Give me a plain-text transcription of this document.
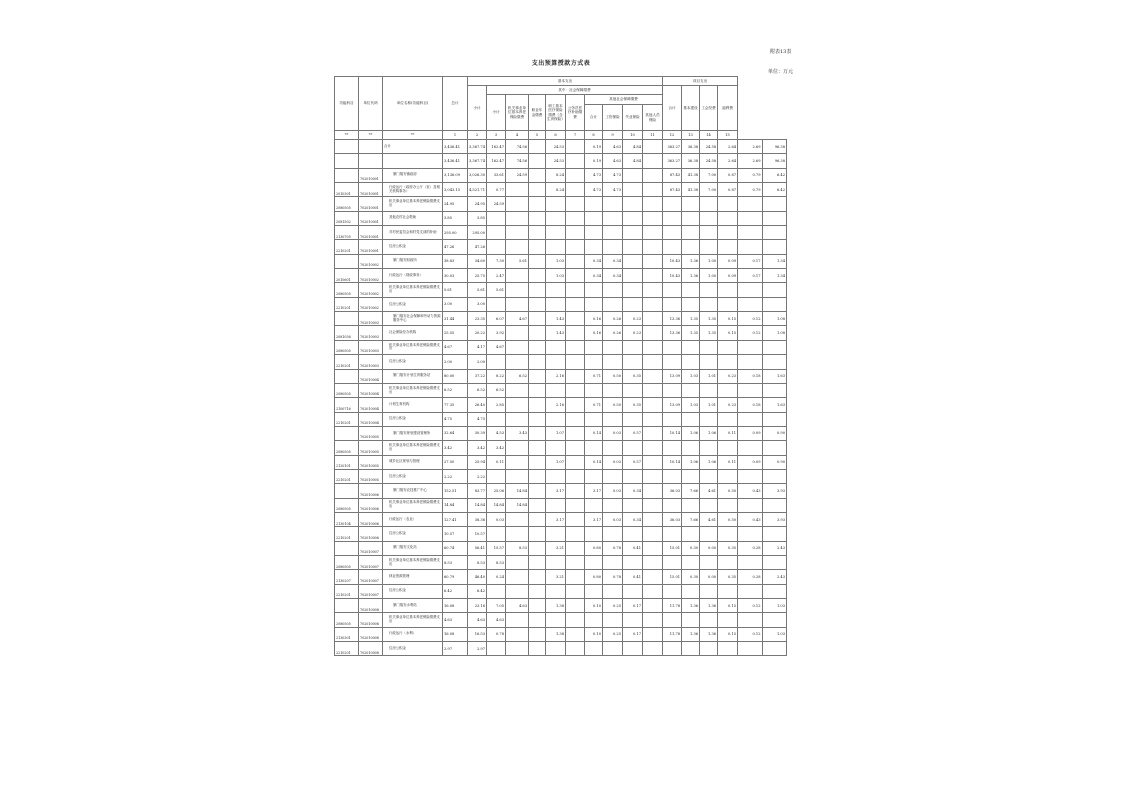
附表13表
支出预算授款方式表
单位：万元
功能科目	单位代码	单位名称(功能科目)	总计	基本支出										项目支出					
				小计	其中：社会保障缴费									合计	基本建设	工会经费	福利费		
					小计	机关事业单位基本养老保险缴费	职业年金缴费	职工基本医疗保险缴费（含生育保险）	公务员医疗补助缴费	其他社会保障缴费									
										合计	工伤保险	失业保险	其他人员保险						
**	**	**	1	2	3	4	5	6	7	8	9	10	11	12	13	14	15		
		合计	3,436.41	3,367.74	162.47	74.56		24.53		0.19	4.63	4.84		363.27	36.38	24.58	2.64	2.69	96.38
			3,436.41	3,367.74	162.47	74.56		24.53		0.19	4.63	4.84		363.27	36.38	24.58	2.64	2.69	96.38
	702010001	厦门翔安镇政府	3,136.09	3,026.30	33.61	24.59		8.24		4.73	4.73			87.43	41.38	7.00	0.87	0.79	6.42
2010301	702010001	行政运行（政府办公厅（室）及相关机构事务）	3,043.15	4,521.71	0.77			8.24		4.73	4.73			87.43	41.38	7.00	0.87	0.79	6.42
2080505	702010001	机关事业单位基本养老保险缴费支出	24.95	24.95	24.59														
2081502	702010001	其他农村社会救助	3.85	3.85															
2130705	702010001	对村民委员会和村党支部的补助	295.00	295.00															
2210201	702010001	住房公积金	47.26	47.26															
	702010002	厦门翔安财政所	38.83	34.60	7.30	5.61		1.03		0.34	0.34			10.43	1.36	1.00	0.09	0.17	1.34
2010601	702010002	行政运行（财政事务）	30.03	25.75	2.47			1.03		0.34	0.34			10.43	1.36	1.00	0.09	0.17	1.34
2080505	702010002	机关事业单位基本养老保险缴费支出	5.61	5.61	5.61														
2210201	702010002	住房公积金	3.00	3.00															
	702010003	厦门翔安社会保障和劳动力资源服务中心	31.44	23.35	6.07	4.67		1.43		0.16	0.26	0.23		13.36	1.35	1.35	0.15	0.12	1.08
2081036	702010003	社会保险经办机构	25.55	20.22	3.92			1.43		0.16	0.26	0.23		13.36	1.35	1.35	0.15	0.12	1.08
2080505	702010003	机关事业单位基本养老保险缴费支出	4.67	4.17	4.67														
2210201	702010003	住房公积金	2.00	2.00															
	702010004	厦门翔安计划生育服务站	80.00	37.22	8.22	6.52		2.16		0.71	0.50	0.35		13.09	1.03	1.01	0.23	0.18	1.63
2080505	702010004	机关事业单位基本养老保险缴费支出	6.52	6.52	6.52														
2100716	702010004	计划生育机构	77.35	26.40	2.85			2.16		0.71	0.50	0.35		13.09	1.03	1.01	0.23	0.18	1.63
2210201	702010004	住房公积金	4.75	4.75															
	702010005	厦门翔安规划建设管理所	32.64	30.39	4.53	3.43		1.07		0.14	0.03	0.57		10.14	1.06	1.06	0.11	0.09	0.90
2080505	702010005	机关事业单位基本养老保险缴费支出	3.42	3.42	3.42														
2120101	702010005	城乡社区规划与管理	27.50	25.94	0.11			1.07		0.14	0.03	0.57		10.14	1.06	1.06	0.11	0.09	0.90
2210201	702010005	住房公积金	2.22	2.22															
	702010006	厦门翔安农技推广中心	152.51	83.77	25.06	14.84		3.17		3.17	0.03	0.34		36.03	7.66	4.61	0.50	0.43	3.93
2080505	702010006	机关事业单位基本养老保险缴费支出	14.84	14.84	14.84	14.84													
2130104	702010006	行政运行（农业）	127.41	38.36	0.03			3.17		3.17	0.03	0.34		36.03	7.66	4.61	0.50	0.43	3.93
2210201	702010006	住房公积金	10.57	10.57															
	702010007	厦门翔安文化站	60.74	56.41	15.57	8.53		3.21		0.80	0.78	0.41		15.01	0.30	0.00	0.35	0.28	2.43
2080505	702010007	机关事业单位基本养老保险缴费支出	8.53	8.53	8.53														
2130207	702010007	林业资源管理	60.79	46.40	0.24			3.21		0.80	0.78	0.41		15.01	0.30	0.00	0.35	0.28	2.43
2210201	702010007	住房公积金	6.42	6.42															
	702010008	厦门翔安水利站	16.08	23.16	7.05	4.63		1.38		0.10	0.25	0.17		11.78	1.36	1.36	0.15	0.12	1.03
2080505	702010008	机关事业单位基本养老保险缴费支出	4.63	4.63	4.63														
2130301	702010008	行政运行（水利）	16.08	16.53	0.78			1.38		0.10	0.25	0.17		11.78	1.36	1.36	0.15	0.12	1.03
2210201	702010008	住房公积金	2.97	2.97															
